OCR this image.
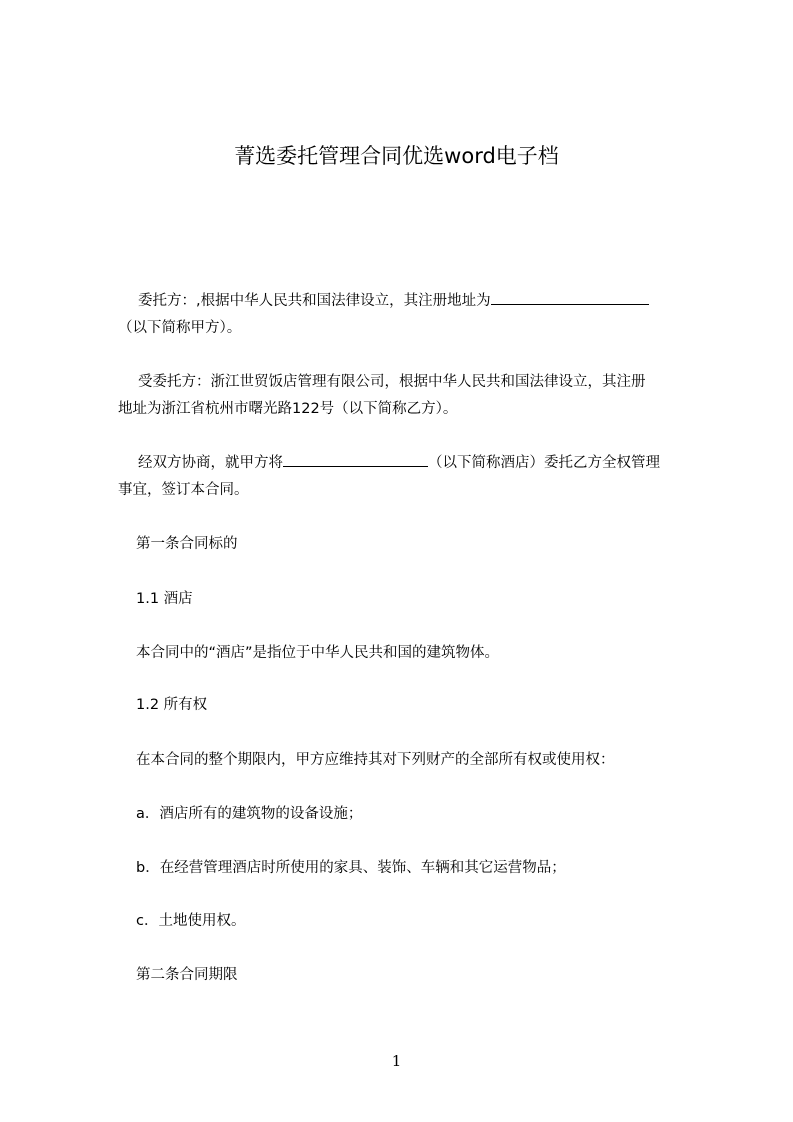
菁选委托管理合同优选word电子档
委托方：,根据中华人民共和国法律设立，其注册地址为
（以下简称甲方）。
受委托方：浙江世贸饭店管理有限公司，根据中华人民共和国法律设立，其注册
地址为浙江省杭州市曙光路122号（以下简称乙方）。
经双方协商，就甲方将	（以下简称酒店）委托乙方全权管理
事宜，签订本合同。
第一条合同标的
1.1 酒店
本合同中的“酒店”是指位于中华人民共和国的建筑物体。
1.2 所有权
在本合同的整个期限内，甲方应维持其对下列财产的全部所有权或使用权：
a．酒店所有的建筑物的设备设施；
b．在经营管理酒店时所使用的家具、装饰、车辆和其它运营物品；
c．土地使用权。
第二条合同期限
1
